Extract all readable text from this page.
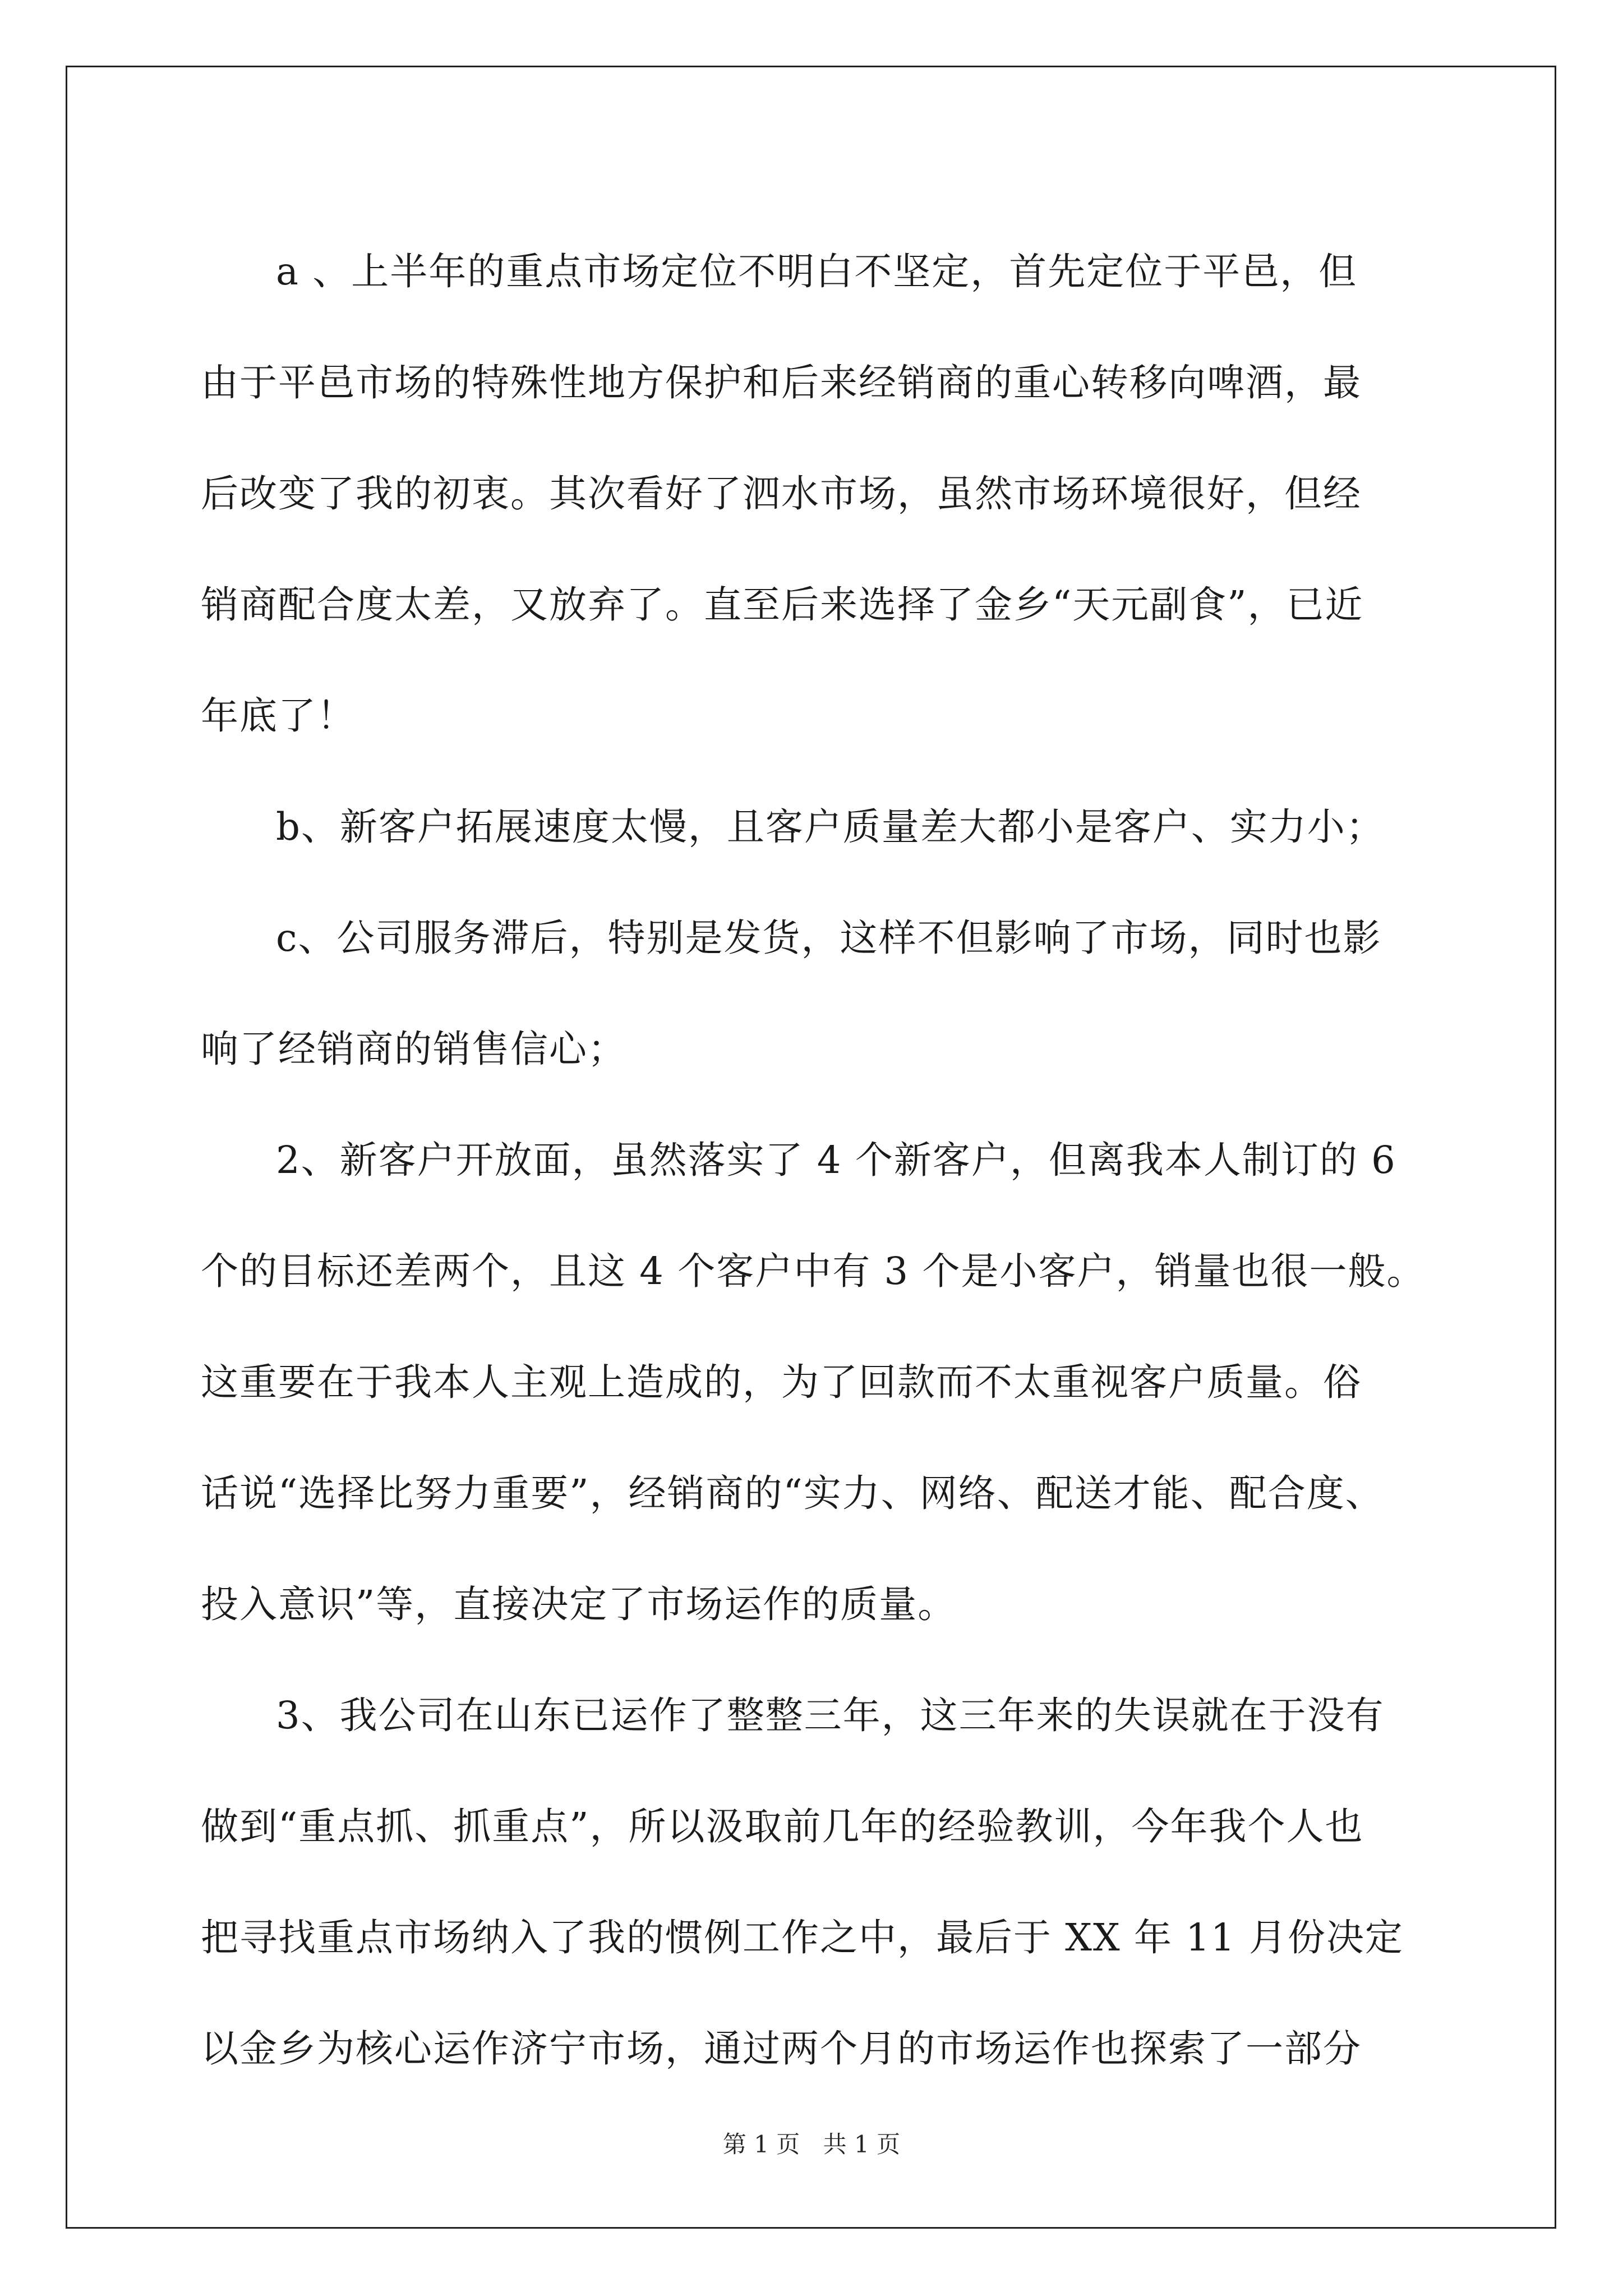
a 、上半年的重点市场定位不明白不坚定，首先定位于平邑，但
由于平邑市场的特殊性地方保护和后来经销商的重心转移向啤酒，最
后改变了我的初衷。其次看好了泗水市场，虽然市场环境很好，但经
销商配合度太差，又放弃了。直至后来选择了金乡“天元副食”，已近
年底了！
b、新客户拓展速度太慢，且客户质量差大都小是客户、实力小；
c、公司服务滞后，特别是发货，这样不但影响了市场，同时也影
响了经销商的销售信心；
2、新客户开放面，虽然落实了 4 个新客户，但离我本人制订的 6
个的目标还差两个，且这 4 个客户中有 3 个是小客户，销量也很一般。
这重要在于我本人主观上造成的，为了回款而不太重视客户质量。俗
话说“选择比努力重要”，经销商的“实力、网络、配送才能、配合度、
投入意识”等，直接决定了市场运作的质量。
3、我公司在山东已运作了整整三年，这三年来的失误就在于没有
做到“重点抓、抓重点”，所以汲取前几年的经验教训，今年我个人也
把寻找重点市场纳入了我的惯例工作之中，最后于 XX 年 11 月份决定
以金乡为核心运作济宁市场，通过两个月的市场运作也探索了一部分
第 1 页 共 1 页
